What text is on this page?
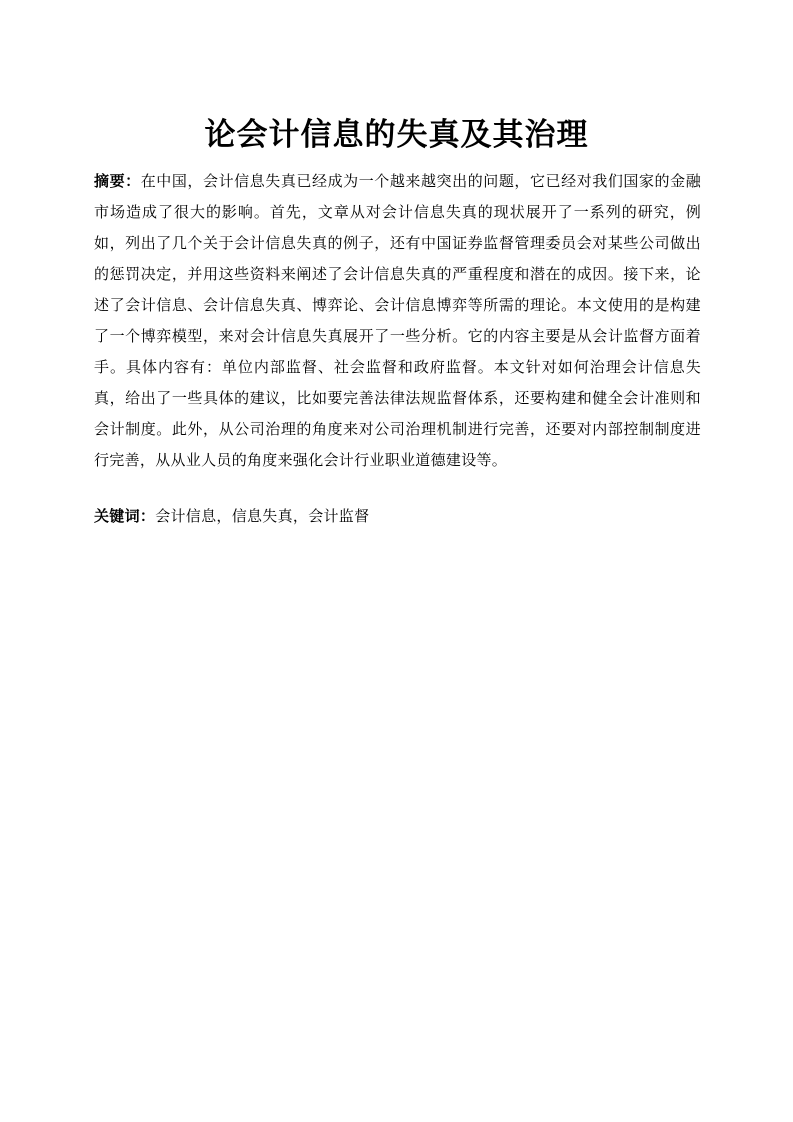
论会计信息的失真及其治理

摘要：在中国，会计信息失真已经成为一个越来越突出的问题，它已经对我们国家的金融市场造成了很大的影响。首先，文章从对会计信息失真的现状展开了一系列的研究，例如，列出了几个关于会计信息失真的例子，还有中国证券监督管理委员会对某些公司做出的惩罚决定，并用这些资料来阐述了会计信息失真的严重程度和潜在的成因。接下来，论述了会计信息、会计信息失真、博弈论、会计信息博弈等所需的理论。本文使用的是构建了一个博弈模型，来对会计信息失真展开了一些分析。它的内容主要是从会计监督方面着手。具体内容有：单位内部监督、社会监督和政府监督。本文针对如何治理会计信息失真，给出了一些具体的建议，比如要完善法律法规监督体系，还要构建和健全会计准则和会计制度。此外，从公司治理的角度来对公司治理机制进行完善，还要对内部控制制度进行完善，从从业人员的角度来强化会计行业职业道德建设等。

关键词：会计信息，信息失真，会计监督
